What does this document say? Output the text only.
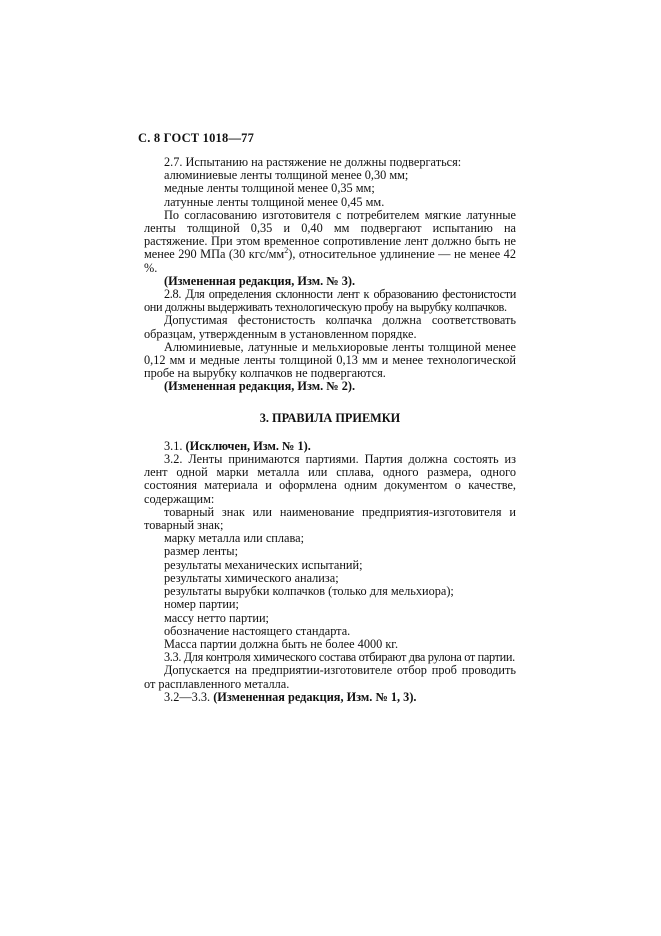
С. 8 ГОСТ 1018—77

2.7. Испытанию на растяжение не должны подвергаться:

алюминиевые ленты толщиной менее 0,30 мм;

медные ленты толщиной менее 0,35 мм;

латунные ленты толщиной менее 0,45 мм.

По согласованию изготовителя с потребителем мягкие латунные ленты толщиной 0,35 и 0,40 мм подвергают испытанию на растяжение. При этом временное сопротивление лент должно быть не менее 290 МПа (30 кгс/$мм^2$), относительное удлинение — не менее 42 %.

(Измененная редакция, Изм. № 3).

2.8. Для определения склонности лент к образованию фестонистости они должны выдерживать технологическую пробу на вырубку колпачков.

Допустимая фестонистость колпачка должна соответствовать образцам, утвержденным в установленном порядке.

Алюминиевые, латунные и мельхиоровые ленты толщиной менее 0,12 мм и медные ленты толщиной 0,13 мм и менее технологической пробе на вырубку колпачков не подвергаются.

(Измененная редакция, Изм. № 2).

3. ПРАВИЛА ПРИЕМКИ

3.1. (Исключен, Изм. № 1).

3.2. Ленты принимаются партиями. Партия должна состоять из лент одной марки металла или сплава, одного размера, одного состояния материала и оформлена одним документом о качестве, содержащим:

товарный знак или наименование предприятия-изготовителя и товарный знак;

марку металла или сплава;

размер ленты;

результаты механических испытаний;

результаты химического анализа;

результаты вырубки колпачков (только для мельхиора);

номер партии;

массу нетто партии;

обозначение настоящего стандарта.

Масса партии должна быть не более 4000 кг.

3.3. Для контроля химического состава отбирают два рулона от партии.

Допускается на предприятии-изготовителе отбор проб проводить от расплавленного металла.

3.2—3.3. (Измененная редакция, Изм. № 1, 3).
